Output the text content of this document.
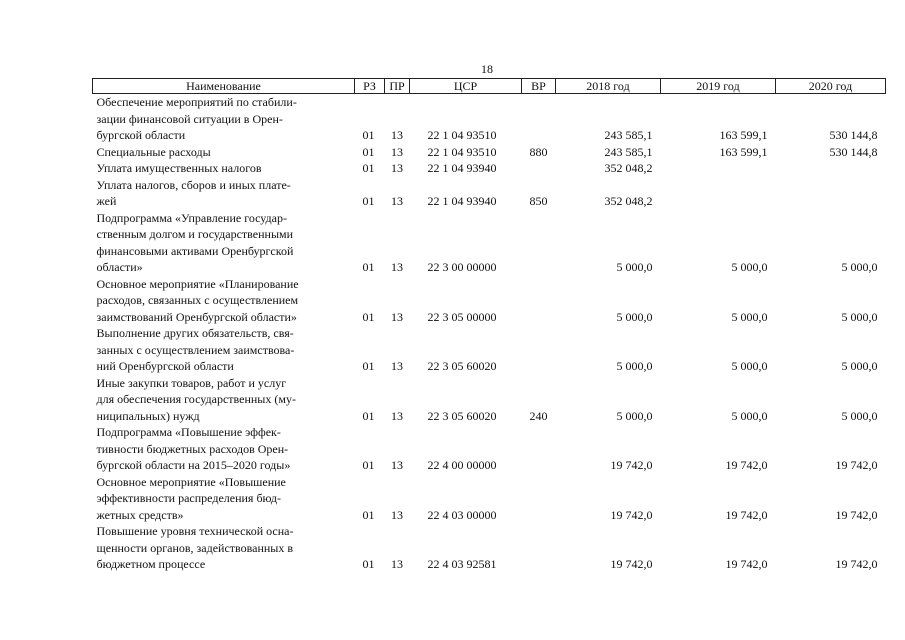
18
Наименование	РЗ	ПР	ЦСР	ВР	2018 год	2019 год	2020 год

Обеспечение мероприятий по стабили-
зации финансовой ситуации в Орен-
бургской области	01	13	22 1 04 93510		243 585,1	163 599,1	530 144,8

Специальные расходы	01	13	22 1 04 93510	880	243 585,1	163 599,1	530 144,8

Уплата имущественных налогов	01	13	22 1 04 93940		352 048,2		

Уплата налогов, сборов и иных плате-
жей	01	13	22 1 04 93940	850	352 048,2		

Подпрограмма «Управление государ-
ственным долгом и государственными
финансовыми активами Оренбургской
области»	01	13	22 3 00 00000		5 000,0	5 000,0	5 000,0

Основное мероприятие «Планирование
расходов, связанных с осуществлением
заимствований Оренбургской области»	01	13	22 3 05 00000		5 000,0	5 000,0	5 000,0

Выполнение других обязательств, свя-
занных с осуществлением заимствова-
ний Оренбургской области	01	13	22 3 05 60020		5 000,0	5 000,0	5 000,0

Иные закупки товаров, работ и услуг
для обеспечения государственных (му-
ниципальных) нужд	01	13	22 3 05 60020	240	5 000,0	5 000,0	5 000,0

Подпрограмма «Повышение эффек-
тивности бюджетных расходов Орен-
бургской области на 2015–2020 годы»	01	13	22 4 00 00000		19 742,0	19 742,0	19 742,0

Основное мероприятие «Повышение
эффективности распределения бюд-
жетных средств»	01	13	22 4 03 00000		19 742,0	19 742,0	19 742,0

Повышение уровня технической осна-
щенности органов, задействованных в
бюджетном процессе	01	13	22 4 03 92581		19 742,0	19 742,0	19 742,0
